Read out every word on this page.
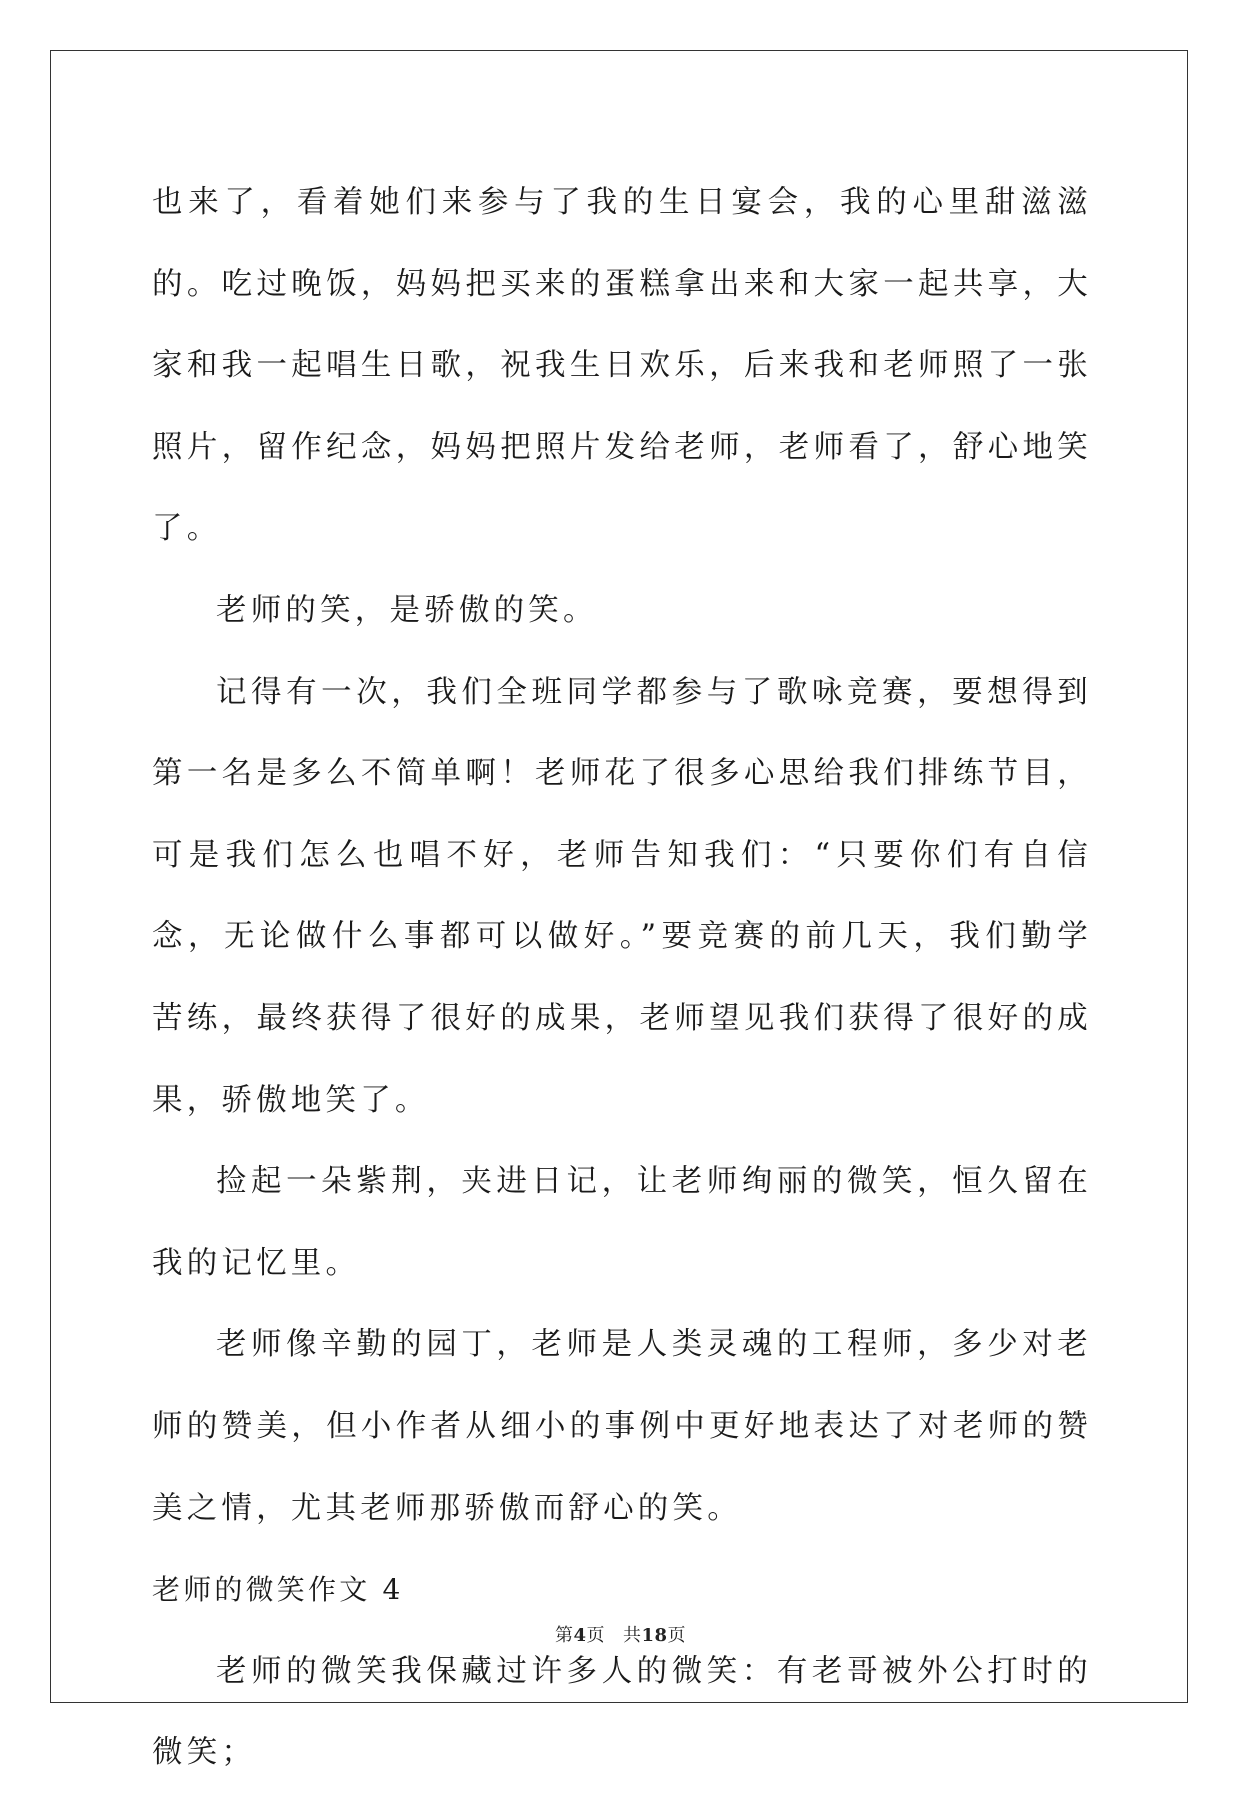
也来了，看着她们来参与了我的生日宴会，我的心里甜滋滋的。吃过晚饭，妈妈把买来的蛋糕拿出来和大家一起共享，大家和我一起唱生日歌，祝我生日欢乐，后来我和老师照了一张照片，留作纪念，妈妈把照片发给老师，老师看了，舒心地笑了。

老师的笑，是骄傲的笑。

记得有一次，我们全班同学都参与了歌咏竞赛，要想得到第一名是多么不简单啊！老师花了很多心思给我们排练节目，可是我们怎么也唱不好，老师告知我们：“只要你们有自信念，无论做什么事都可以做好。”要竞赛的前几天，我们勤学苦练，最终获得了很好的成果，老师望见我们获得了很好的成果，骄傲地笑了。

捡起一朵紫荆，夹进日记，让老师绚丽的微笑，恒久留在我的记忆里。

老师像辛勤的园丁，老师是人类灵魂的工程师，多少对老师的赞美，但小作者从细小的事例中更好地表达了对老师的赞美之情，尤其老师那骄傲而舒心的笑。

老师的微笑作文 4

老师的微笑我保藏过许多人的微笑：有老哥被外公打时的微笑；

第4页 共18页
